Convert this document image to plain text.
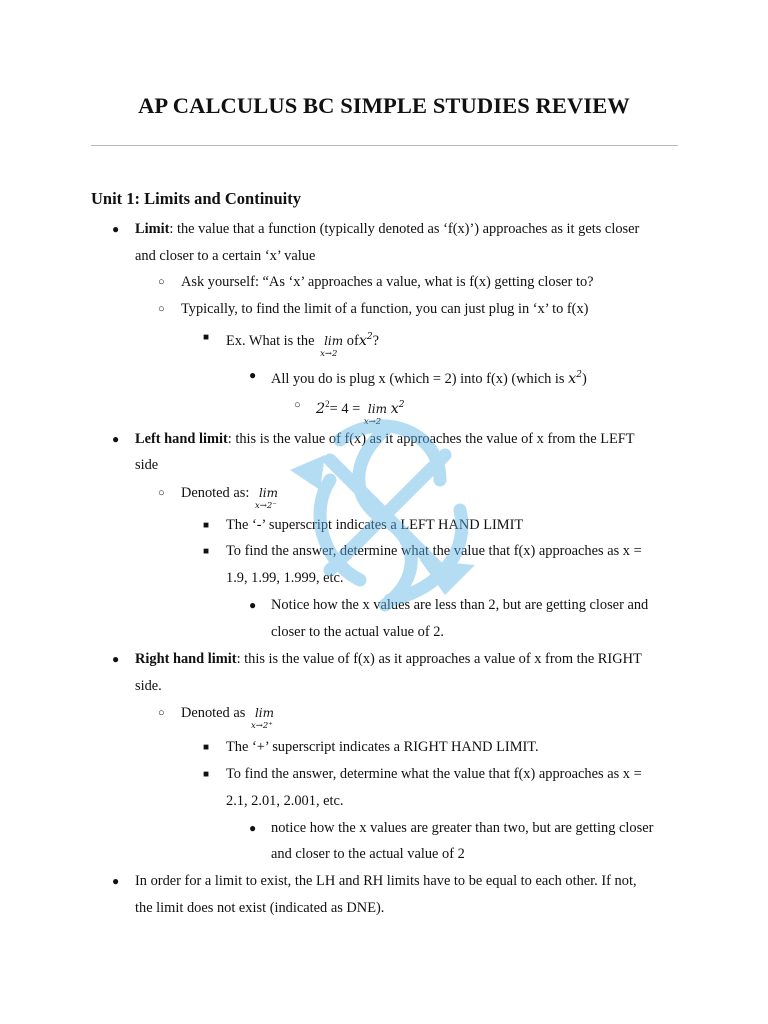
AP CALCULUS BC SIMPLE STUDIES REVIEW
Unit 1: Limits and Continuity
● Limit: the value that a function (typically denoted as ‘f(x)’) approaches as it gets closer
and closer to a certain ‘x’ value
○ Ask yourself: “As ‘x’ approaches a value, what is f(x) getting closer to?
○ Typically, to find the limit of a function, you can just plug in ‘x’ to f(x)
■ Ex. What is the lim
x→2
ofx$^2$?
● All you do is plug x (which = 2) into f(x) (which is $x^2$)
○ $2^2= 4 = \lim$
x→2
$x^2$
● Left hand limit: this is the value of f(x) as it approaches the value of x from the LEFT
side
○ Denoted as: lim
x→2⁻
■ The ‘-’ superscript indicates a LEFT HAND LIMIT
■ To find the answer, determine what the value that f(x) approaches as x =
1.9, 1.99, 1.999, etc.
● Notice how the x values are less than 2, but are getting closer and
closer to the actual value of 2.
● Right hand limit: this is the value of f(x) as it approaches a value of x from the RIGHT
side.
○ Denoted as lim
x→2⁺
■ The ‘+’ superscript indicates a RIGHT HAND LIMIT.
■ To find the answer, determine what the value that f(x) approaches as x =
2.1, 2.01, 2.001, etc.
● notice how the x values are greater than two, but are getting closer
and closer to the actual value of 2
● In order for a limit to exist, the LH and RH limits have to be equal to each other. If not,
the limit does not exist (indicated as DNE).
